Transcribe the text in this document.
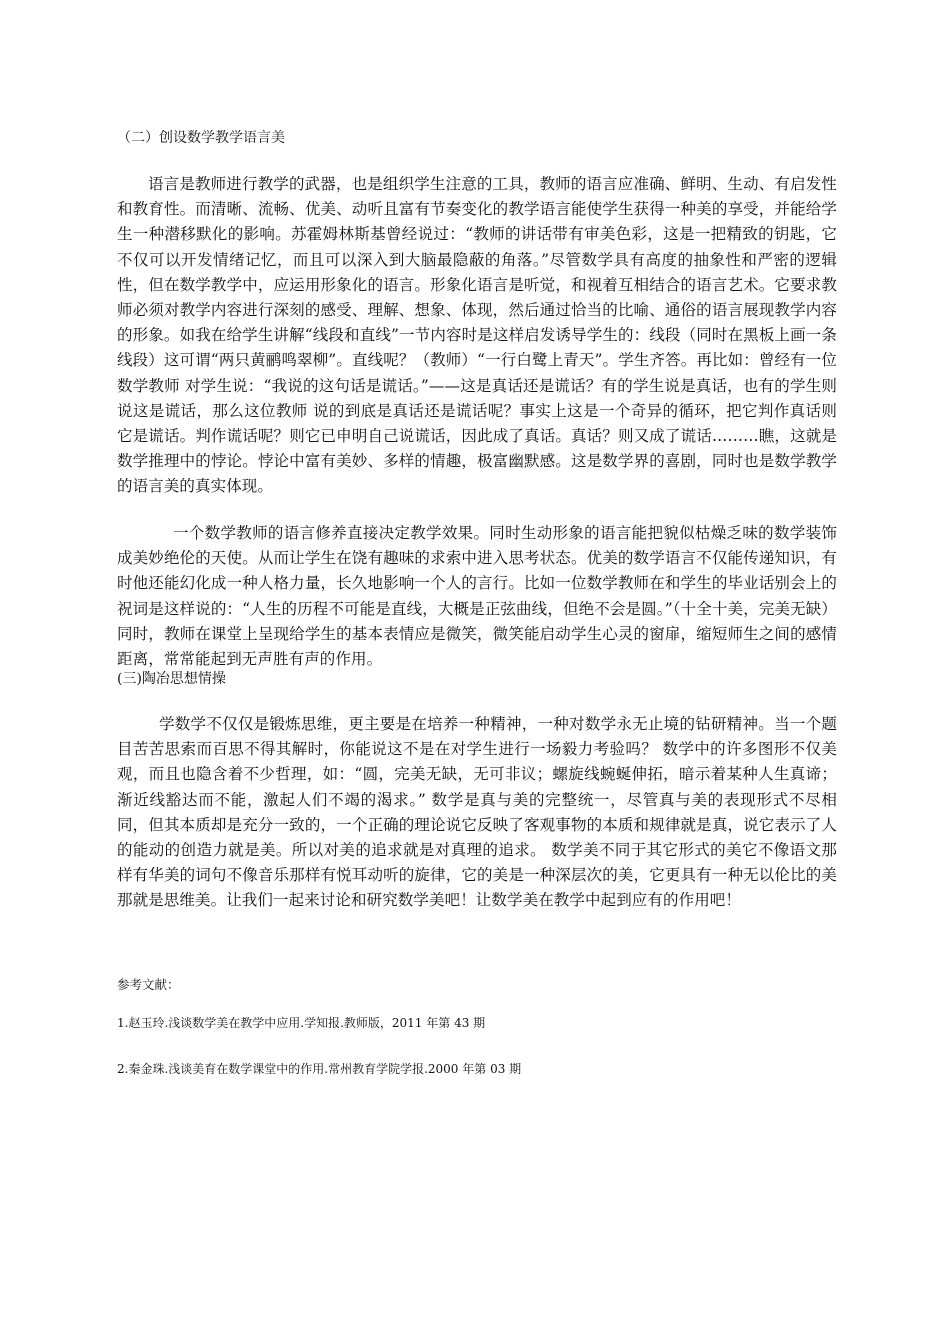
（二）创设数学教学语言美

语言是教师进行教学的武器，也是组织学生注意的工具，教师的语言应准确、鲜明、生动、有启发性和教育性。而清晰、流畅、优美、动听且富有节奏变化的教学语言能使学生获得一种美的享受，并能给学生一种潜移默化的影响。苏霍姆林斯基曾经说过：“教师的讲话带有审美色彩，这是一把精致的钥匙，它不仅可以开发情绪记忆，而且可以深入到大脑最隐蔽的角落。”尽管数学具有高度的抽象性和严密的逻辑性，但在数学教学中，应运用形象化的语言。形象化语言是听觉，和视着互相结合的语言艺术。它要求教师必须对教学内容进行深刻的感受、理解、想象、体现，然后通过恰当的比喻、通俗的语言展现教学内容的形象。如我在给学生讲解“线段和直线”一节内容时是这样启发诱导学生的：线段（同时在黑板上画一条线段）这可谓“两只黄鹂鸣翠柳”。直线呢？（教师）“一行白鹭上青天”。学生齐答。再比如：曾经有一位数学教师 对学生说：“我说的这句话是谎话。”——这是真话还是谎话？有的学生说是真话，也有的学生则说这是谎话，那么这位教师 说的到底是真话还是谎话呢？事实上这是一个奇异的循环，把它判作真话则它是谎话。判作谎话呢？则它已申明自己说谎话，因此成了真话。真话？则又成了谎话………瞧，这就是数学推理中的悖论。悖论中富有美妙、多样的情趣，极富幽默感。这是数学界的喜剧，同时也是数学教学的语言美的真实体现。

一个数学教师的语言修养直接决定教学效果。同时生动形象的语言能把貌似枯燥乏味的数学装饰成美妙绝伦的天使。从而让学生在饶有趣味的求索中进入思考状态。优美的数学语言不仅能传递知识，有时他还能幻化成一种人格力量，长久地影响一个人的言行。比如一位数学教师在和学生的毕业话别会上的祝词是这样说的：“人生的历程不可能是直线，大概是正弦曲线，但绝不会是圆。”（十全十美，完美无缺） 同时，教师在课堂上呈现给学生的基本表情应是微笑，微笑能启动学生心灵的窗扉，缩短师生之间的感情距离，常常能起到无声胜有声的作用。

(三)陶冶思想情操

学数学不仅仅是锻炼思维，更主要是在培养一种精神，一种对数学永无止境的钻研精神。当一个题目苦苦思索而百思不得其解时，你能说这不是在对学生进行一场毅力考验吗？ 数学中的许多图形不仅美观，而且也隐含着不少哲理，如：“圆，完美无缺，无可非议；螺旋线蜿蜒伸拓，暗示着某种人生真谛；渐近线豁达而不能，激起人们不竭的渴求。” 数学是真与美的完整统一，尽管真与美的表现形式不尽相同，但其本质却是充分一致的，一个正确的理论说它反映了客观事物的本质和规律就是真，说它表示了人的能动的创造力就是美。所以对美的追求就是对真理的追求。 数学美不同于其它形式的美它不像语文那样有华美的词句不像音乐那样有悦耳动听的旋律，它的美是一种深层次的美，它更具有一种无以伦比的美那就是思维美。让我们一起来讨论和研究数学美吧！让数学美在教学中起到应有的作用吧！

参考文献：
1.赵玉玲.浅谈数学美在教学中应用.学知报.教师版，2011 年第 43 期
2.秦金珠.浅谈美育在数学课堂中的作用.常州教育学院学报.2000 年第 03 期
